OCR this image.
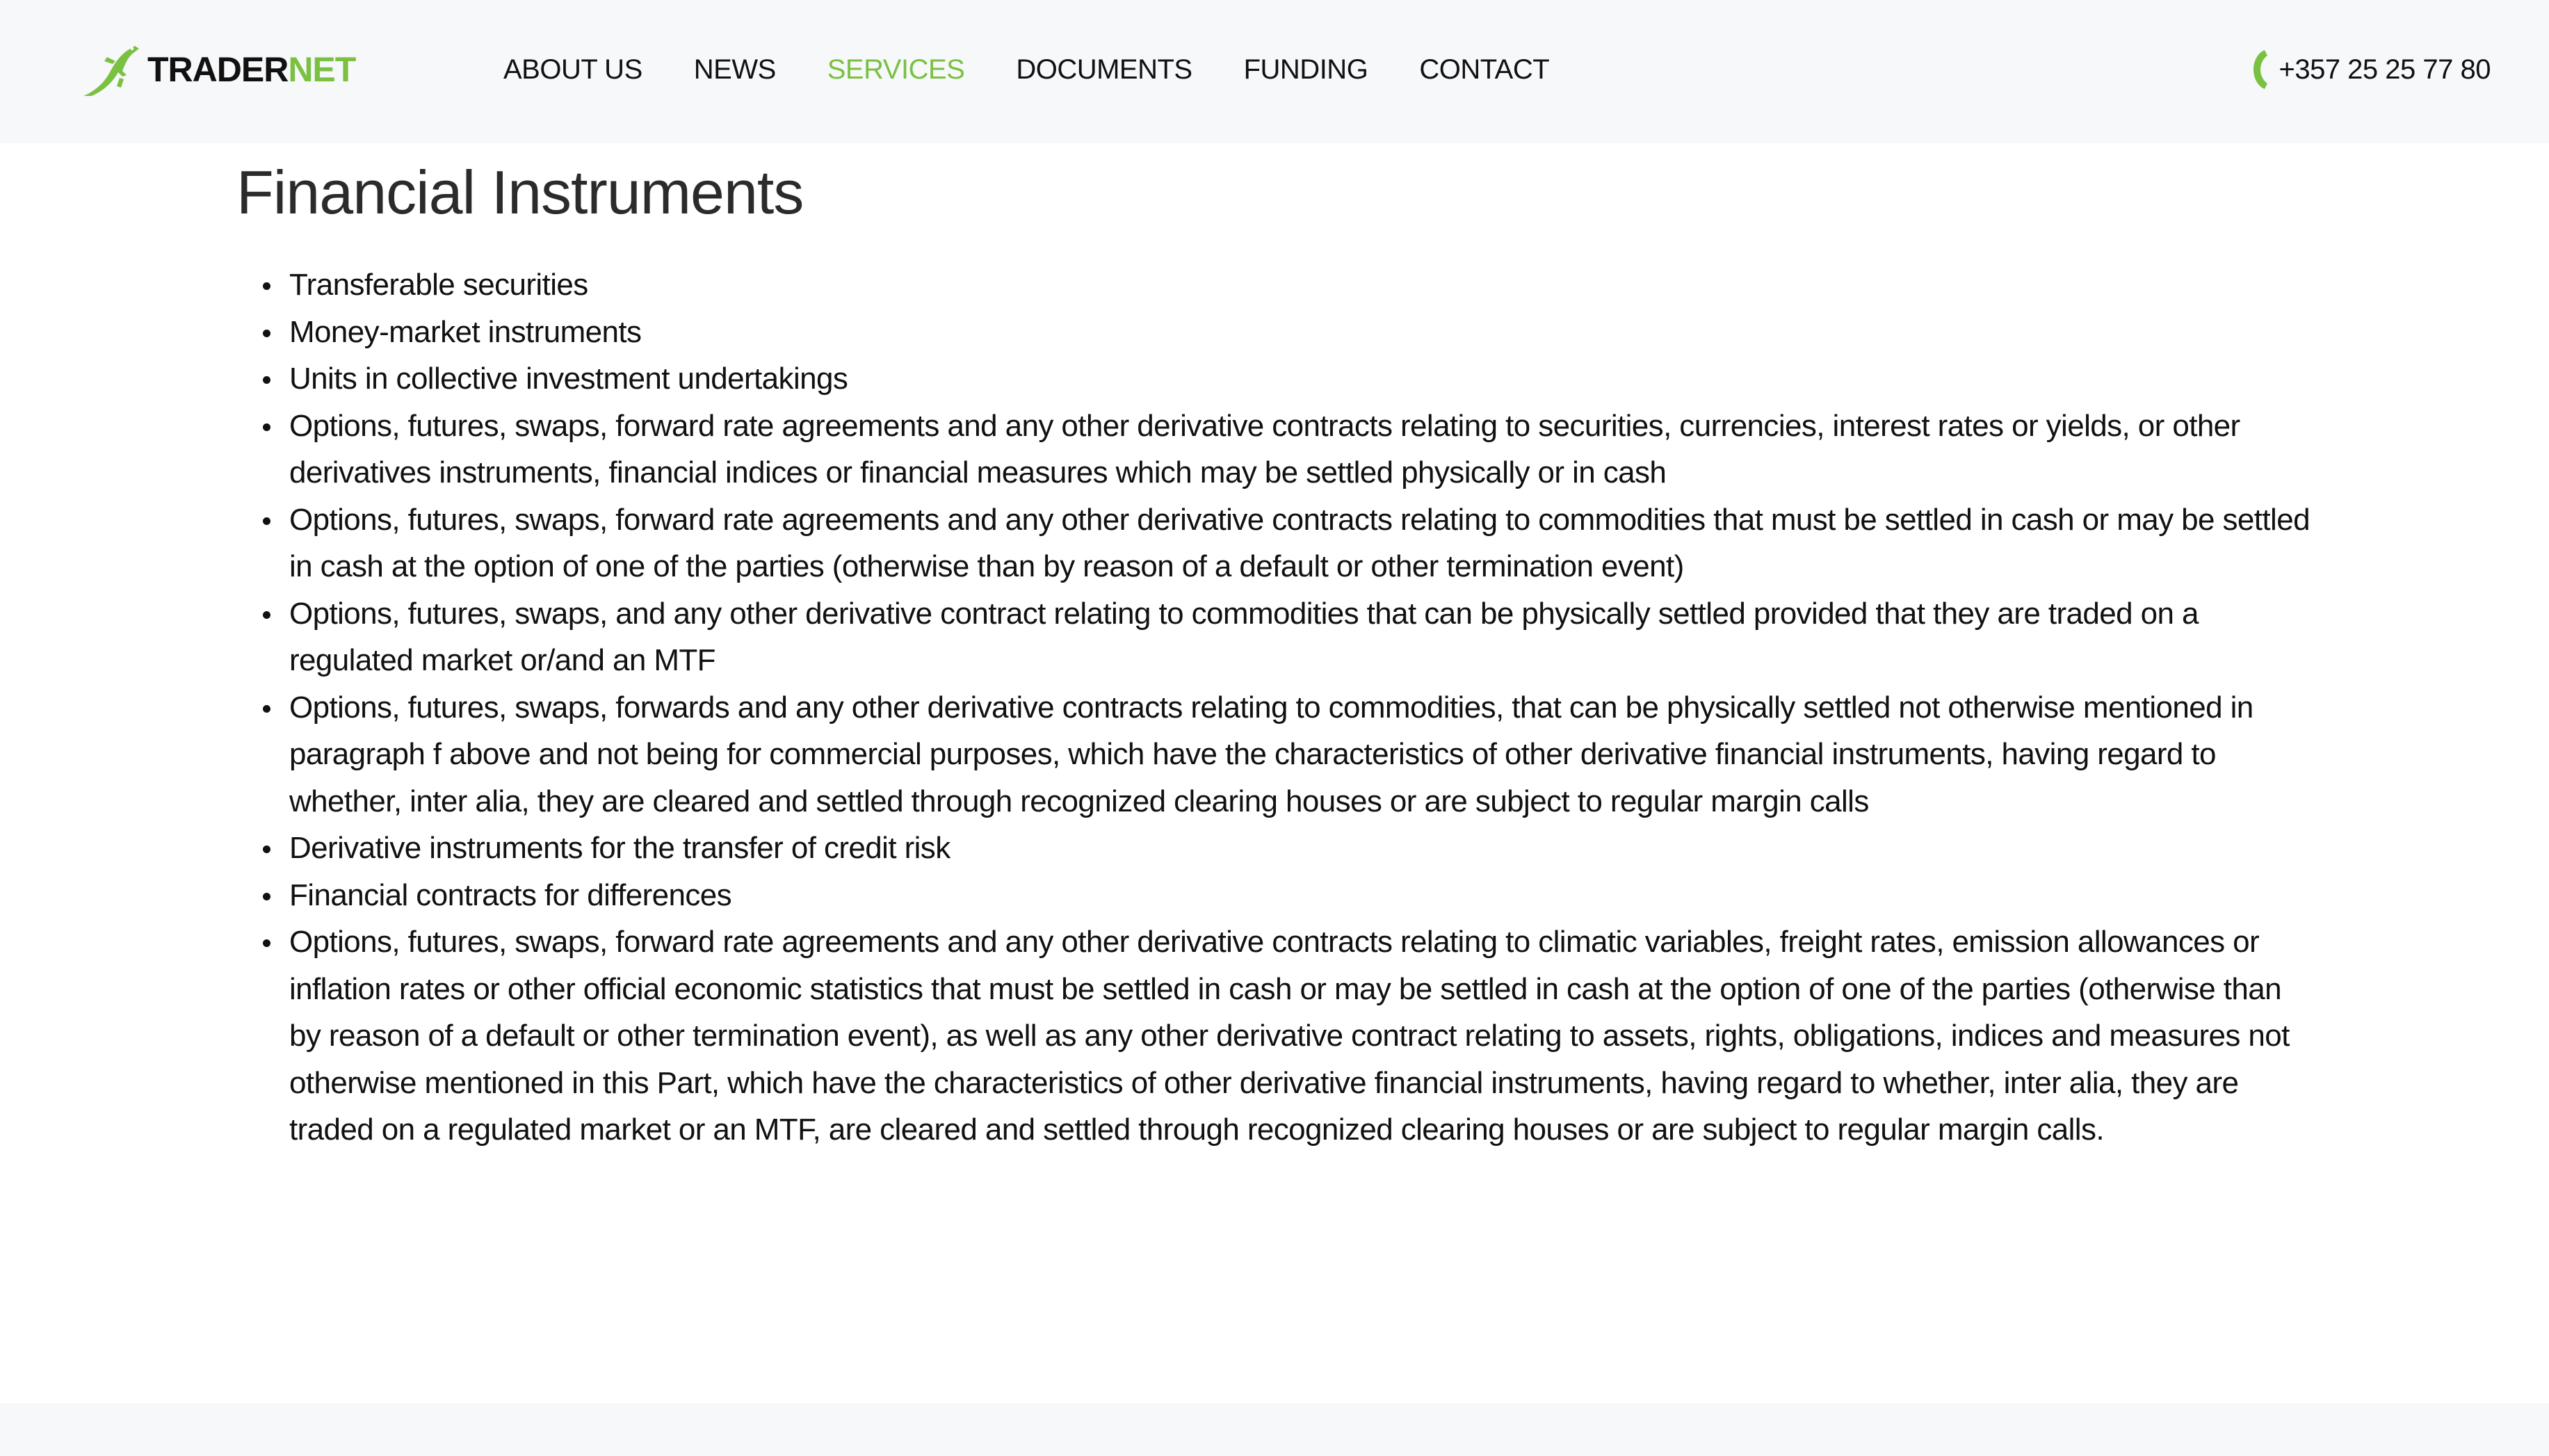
TRADERNET	ABOUT US NEWS SERVICES DOCUMENTS FUNDING CONTACT	+357 25 25 77 80
Financial Instruments
Transferable securities
Money-market instruments
Units in collective investment undertakings
Options, futures, swaps, forward rate agreements and any other derivative contracts relating to securities, currencies, interest rates or yields, or other derivatives instruments, financial indices or financial measures which may be settled physically or in cash
Options, futures, swaps, forward rate agreements and any other derivative contracts relating to commodities that must be settled in cash or may be settled in cash at the option of one of the parties (otherwise than by reason of a default or other termination event)
Options, futures, swaps, and any other derivative contract relating to commodities that can be physically settled provided that they are traded on a regulated market or/and an MTF
Options, futures, swaps, forwards and any other derivative contracts relating to commodities, that can be physically settled not otherwise mentioned in paragraph f above and not being for commercial purposes, which have the characteristics of other derivative financial instruments, having regard to whether, inter alia, they are cleared and settled through recognized clearing houses or are subject to regular margin calls
Derivative instruments for the transfer of credit risk
Financial contracts for differences
Options, futures, swaps, forward rate agreements and any other derivative contracts relating to climatic variables, freight rates, emission allowances or inflation rates or other official economic statistics that must be settled in cash or may be settled in cash at the option of one of the parties (otherwise than by reason of a default or other termination event), as well as any other derivative contract relating to assets, rights, obligations, indices and measures not otherwise mentioned in this Part, which have the characteristics of other derivative financial instruments, having regard to whether, inter alia, they are traded on a regulated market or an MTF, are cleared and settled through recognized clearing houses or are subject to regular margin calls.
